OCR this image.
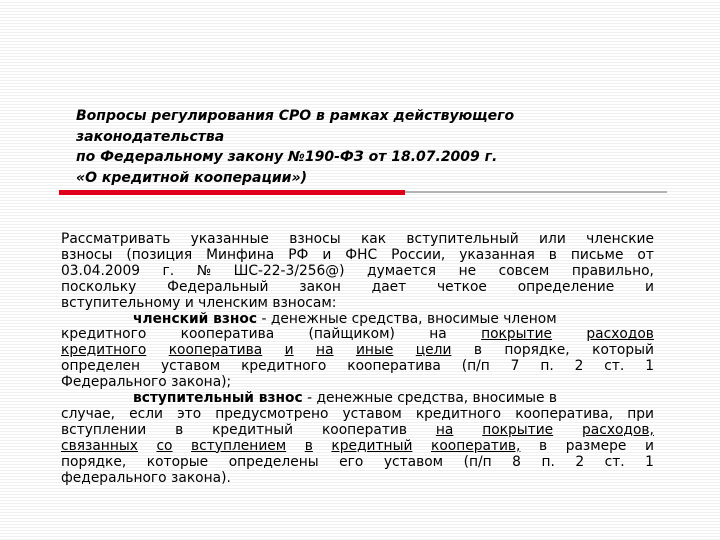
Вопросы регулирования СРО в рамках действующего
законодательства
по Федеральному закону №190-ФЗ от 18.07.2009 г.
«О кредитной кооперации»)
Рассматривать указанные взносы как вступительный или членские
взносы (позиция Минфина РФ и ФНС России, указанная в письме от
03.04.2009 г. № ШС-22-3/256@) думается не совсем правильно,
поскольку Федеральный закон дает четкое определение и
вступительному и членским взносам:
членский взнос - денежные средства, вносимые членом
кредитного кооператива (пайщиком) на покрытие расходов
кредитного кооператива и на иные цели в порядке, который
определен уставом кредитного кооператива (п/п 7 п. 2 ст. 1
Федерального закона);
вступительный взнос - денежные средства, вносимые в
случае, если это предусмотрено уставом кредитного кооператива, при
вступлении в кредитный кооператив на покрытие расходов,
связанных со вступлением в кредитный кооператив, в размере и
порядке, которые определены его уставом (п/п 8 п. 2 ст. 1
федерального закона).
